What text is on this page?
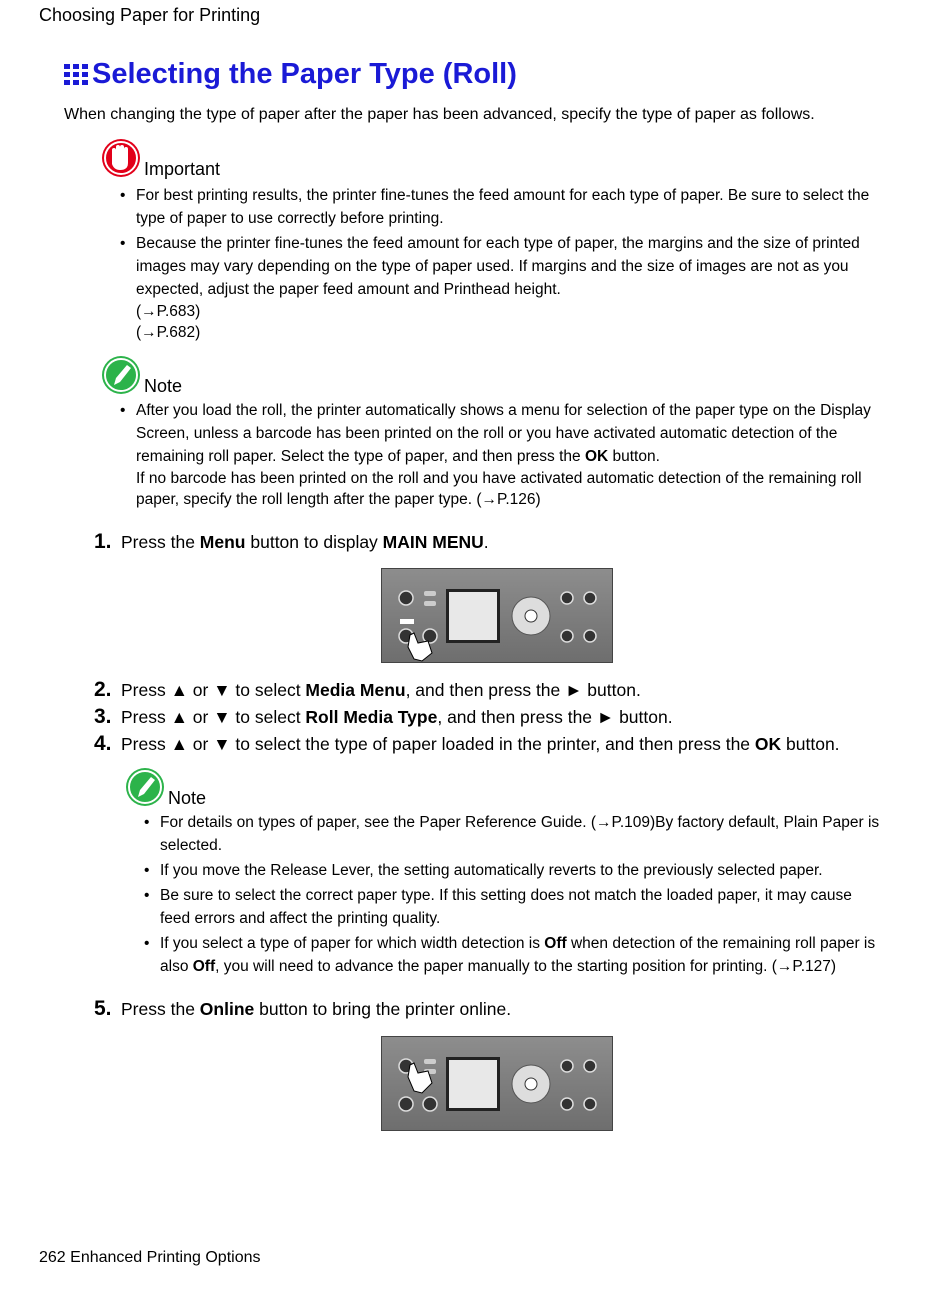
Choosing Paper for Printing
Selecting the Paper Type (Roll)
When changing the type of paper after the paper has been advanced, specify the type of paper as follows.
Important
• For best printing results, the printer fine-tunes the feed amount for each type of paper. Be sure to select the type of paper to use correctly before printing.
• Because the printer fine-tunes the feed amount for each type of paper, the margins and the size of printed images may vary depending on the type of paper used. If margins and the size of images are not as you expected, adjust the paper feed amount and Printhead height.
(→P.683)
(→P.682)
Note
• After you load the roll, the printer automatically shows a menu for selection of the paper type on the Display Screen, unless a barcode has been printed on the roll or you have activated automatic detection of the remaining roll paper. Select the type of paper, and then press the OK button.
If no barcode has been printed on the roll and you have activated automatic detection of the remaining roll paper, specify the roll length after the paper type. (→P.126)
1. Press the Menu button to display MAIN MENU.
2. Press ▲ or ▼ to select Media Menu, and then press the ► button.
3. Press ▲ or ▼ to select Roll Media Type, and then press the ► button.
4. Press ▲ or ▼ to select the type of paper loaded in the printer, and then press the OK button.
Note
• For details on types of paper, see the Paper Reference Guide. (→P.109)By factory default, Plain Paper is selected.
• If you move the Release Lever, the setting automatically reverts to the previously selected paper.
• Be sure to select the correct paper type. If this setting does not match the loaded paper, it may cause feed errors and affect the printing quality.
• If you select a type of paper for which width detection is Off when detection of the remaining roll paper is also Off, you will need to advance the paper manually to the starting position for printing. (→P.127)
5. Press the Online button to bring the printer online.
262 Enhanced Printing Options
